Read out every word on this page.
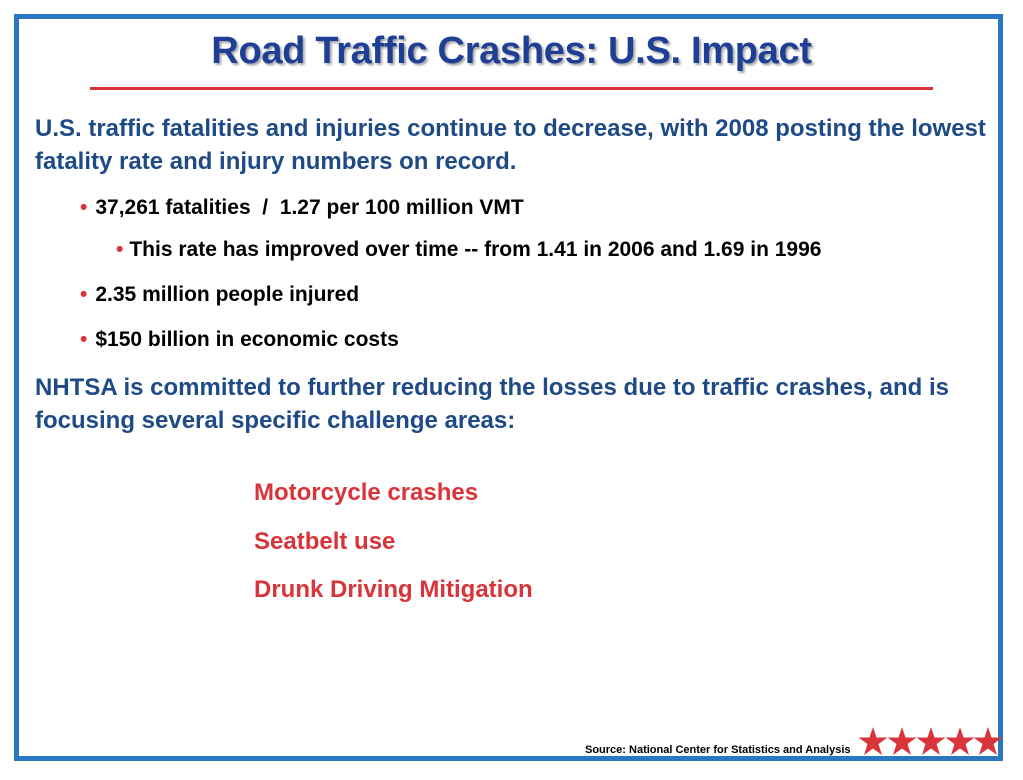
Road Traffic Crashes: U.S. Impact
U.S. traffic fatalities and injuries continue to decrease, with 2008 posting the lowest fatality rate and injury numbers on record.
• 37,261 fatalities  /  1.27 per 100 million VMT
• This rate has improved over time -- from 1.41 in 2006 and 1.69 in 1996
• 2.35 million people injured
• $150 billion in economic costs
NHTSA is committed to further reducing the losses due to traffic crashes, and is focusing several specific challenge areas:
Motorcycle crashes
Seatbelt use
Drunk Driving Mitigation
Source: National Center for Statistics and Analysis
